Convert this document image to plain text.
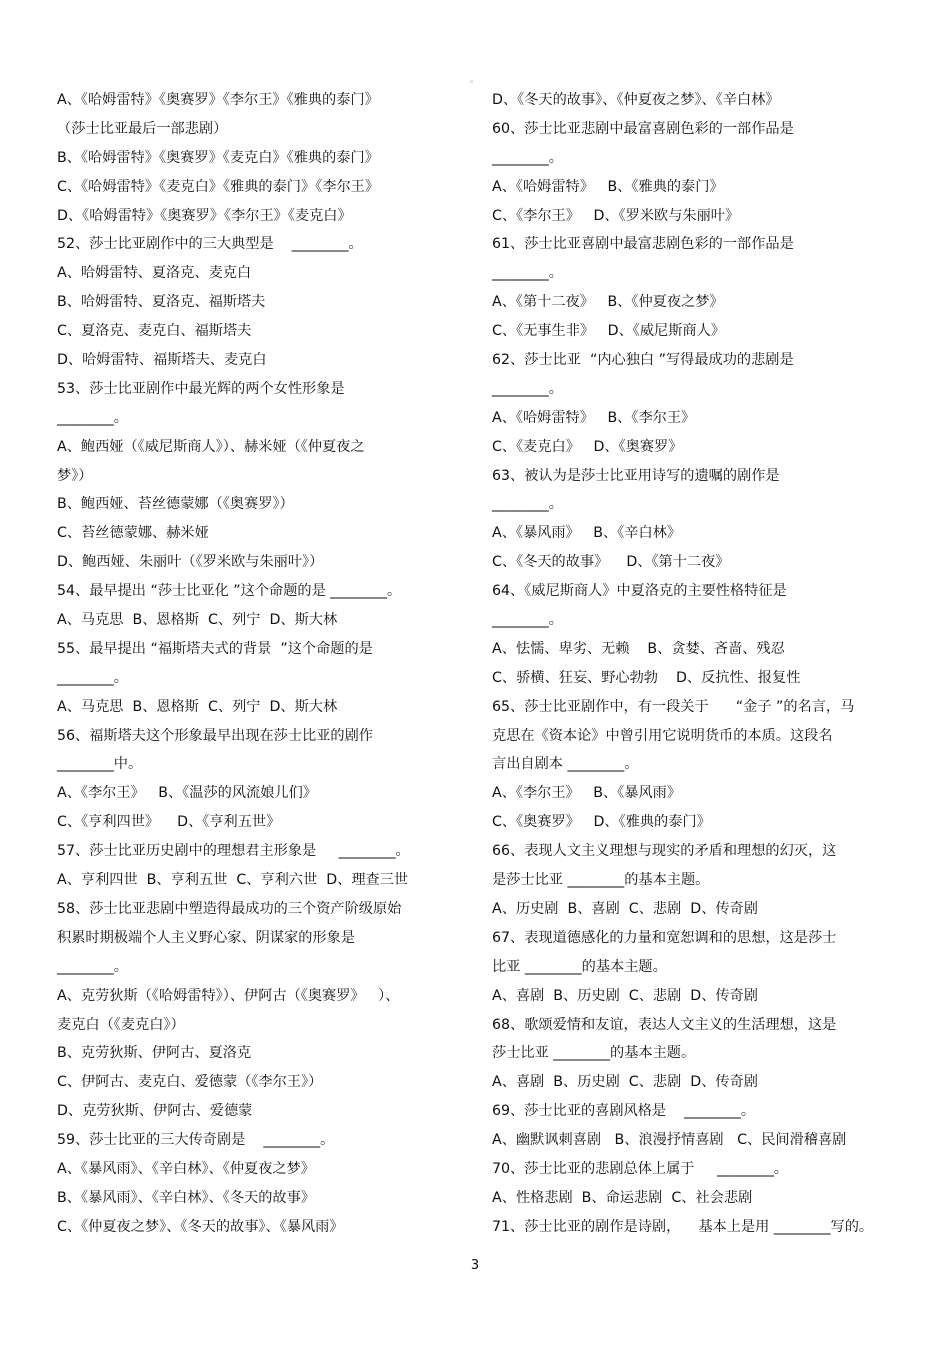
。
A、《哈姆雷特》《奥赛罗》《李尔王》《雅典的泰门》
（莎士比亚最后一部悲剧）
B、《哈姆雷特》《奥赛罗》《麦克白》《雅典的泰门》
C、《哈姆雷特》《麦克白》《雅典的泰门》《李尔王》
D、《哈姆雷特》《奥赛罗》《李尔王》《麦克白》
52、莎士比亚剧作中的三大典型是    ________。
A、哈姆雷特、夏洛克、麦克白
B、哈姆雷特、夏洛克、福斯塔夫
C、夏洛克、麦克白、福斯塔夫
D、哈姆雷特、福斯塔夫、麦克白
53、莎士比亚剧作中最光辉的两个女性形象是
________。
A、鲍西娅（《威尼斯商人》）、赫米娅（《仲夏夜之
梦》）
B、鲍西娅、苔丝德蒙娜（《奥赛罗》）
C、苔丝德蒙娜、赫米娅
D、鲍西娅、朱丽叶（《罗米欧与朱丽叶》）
54、最早提出 “莎士比亚化 ”这个命题的是 ________。
A、马克思  B、恩格斯  C、列宁  D、斯大林
55、最早提出 “福斯塔夫式的背景  ”这个命题的是
________。
A、马克思  B、恩格斯  C、列宁  D、斯大林
56、福斯塔夫这个形象最早出现在莎士比亚的剧作
________中。
A、《李尔王》   B、《温莎的风流娘儿们》
C、《亨利四世》    D、《亨利五世》
57、莎士比亚历史剧中的理想君主形象是     ________。
A、亨利四世  B、亨利五世  C、亨利六世  D、理查三世
58、莎士比亚悲剧中塑造得最成功的三个资产阶级原始
积累时期极端个人主义野心家、阴谋家的形象是
________。
A、克劳狄斯（《哈姆雷特》）、伊阿古（《奥赛罗》   ）、
麦克白（《麦克白》）
B、克劳狄斯、伊阿古、夏洛克
C、伊阿古、麦克白、爱德蒙（《李尔王》）
D、克劳狄斯、伊阿古、爱德蒙
59、莎士比亚的三大传奇剧是    ________。
A、《暴风雨》、《辛白林》、《仲夏夜之梦》
B、《暴风雨》、《辛白林》、《冬天的故事》
C、《仲夏夜之梦》、《冬天的故事》、《暴风雨》
D、《冬天的故事》、《仲夏夜之梦》、《辛白林》
60、莎士比亚悲剧中最富喜剧色彩的一部作品是
________。
A、《哈姆雷特》   B、《雅典的泰门》
C、《李尔王》   D、《罗米欧与朱丽叶》
61、莎士比亚喜剧中最富悲剧色彩的一部作品是
________。
A、《第十二夜》   B、《仲夏夜之梦》
C、《无事生非》   D、《威尼斯商人》
62、莎士比亚  “内心独白 ”写得最成功的悲剧是
________。
A、《哈姆雷特》   B、《李尔王》
C、《麦克白》   D、《奥赛罗》
63、被认为是莎士比亚用诗写的遗嘱的剧作是
________。
A、《暴风雨》   B、《辛白林》
C、《冬天的故事》    D、《第十二夜》
64、《威尼斯商人》中夏洛克的主要性格特征是
________。
A、怯懦、卑劣、无赖    B、贪婪、吝啬、残忍
C、骄横、狂妄、野心勃勃    D、反抗性、报复性
65、莎士比亚剧作中，有一段关于      “金子 ”的名言，马
克思在《资本论》中曾引用它说明货币的本质。这段名
言出自剧本 ________。
A、《李尔王》   B、《暴风雨》
C、《奥赛罗》   D、《雅典的泰门》
66、表现人文主义理想与现实的矛盾和理想的幻灭，这
是莎士比亚 ________的基本主题。
A、历史剧  B、喜剧  C、悲剧  D、传奇剧
67、表现道德感化的力量和宽恕调和的思想，这是莎士
比亚 ________的基本主题。
A、喜剧  B、历史剧  C、悲剧  D、传奇剧
68、歌颂爱情和友谊，表达人文主义的生活理想，这是
莎士比亚 ________的基本主题。
A、喜剧  B、历史剧  C、悲剧  D、传奇剧
69、莎士比亚的喜剧风格是    ________。
A、幽默讽刺喜剧   B、浪漫抒情喜剧   C、民间滑稽喜剧
70、莎士比亚的悲剧总体上属于     ________。
A、性格悲剧  B、命运悲剧  C、社会悲剧
71、莎士比亚的剧作是诗剧，    基本上是用 ________写的。
3
